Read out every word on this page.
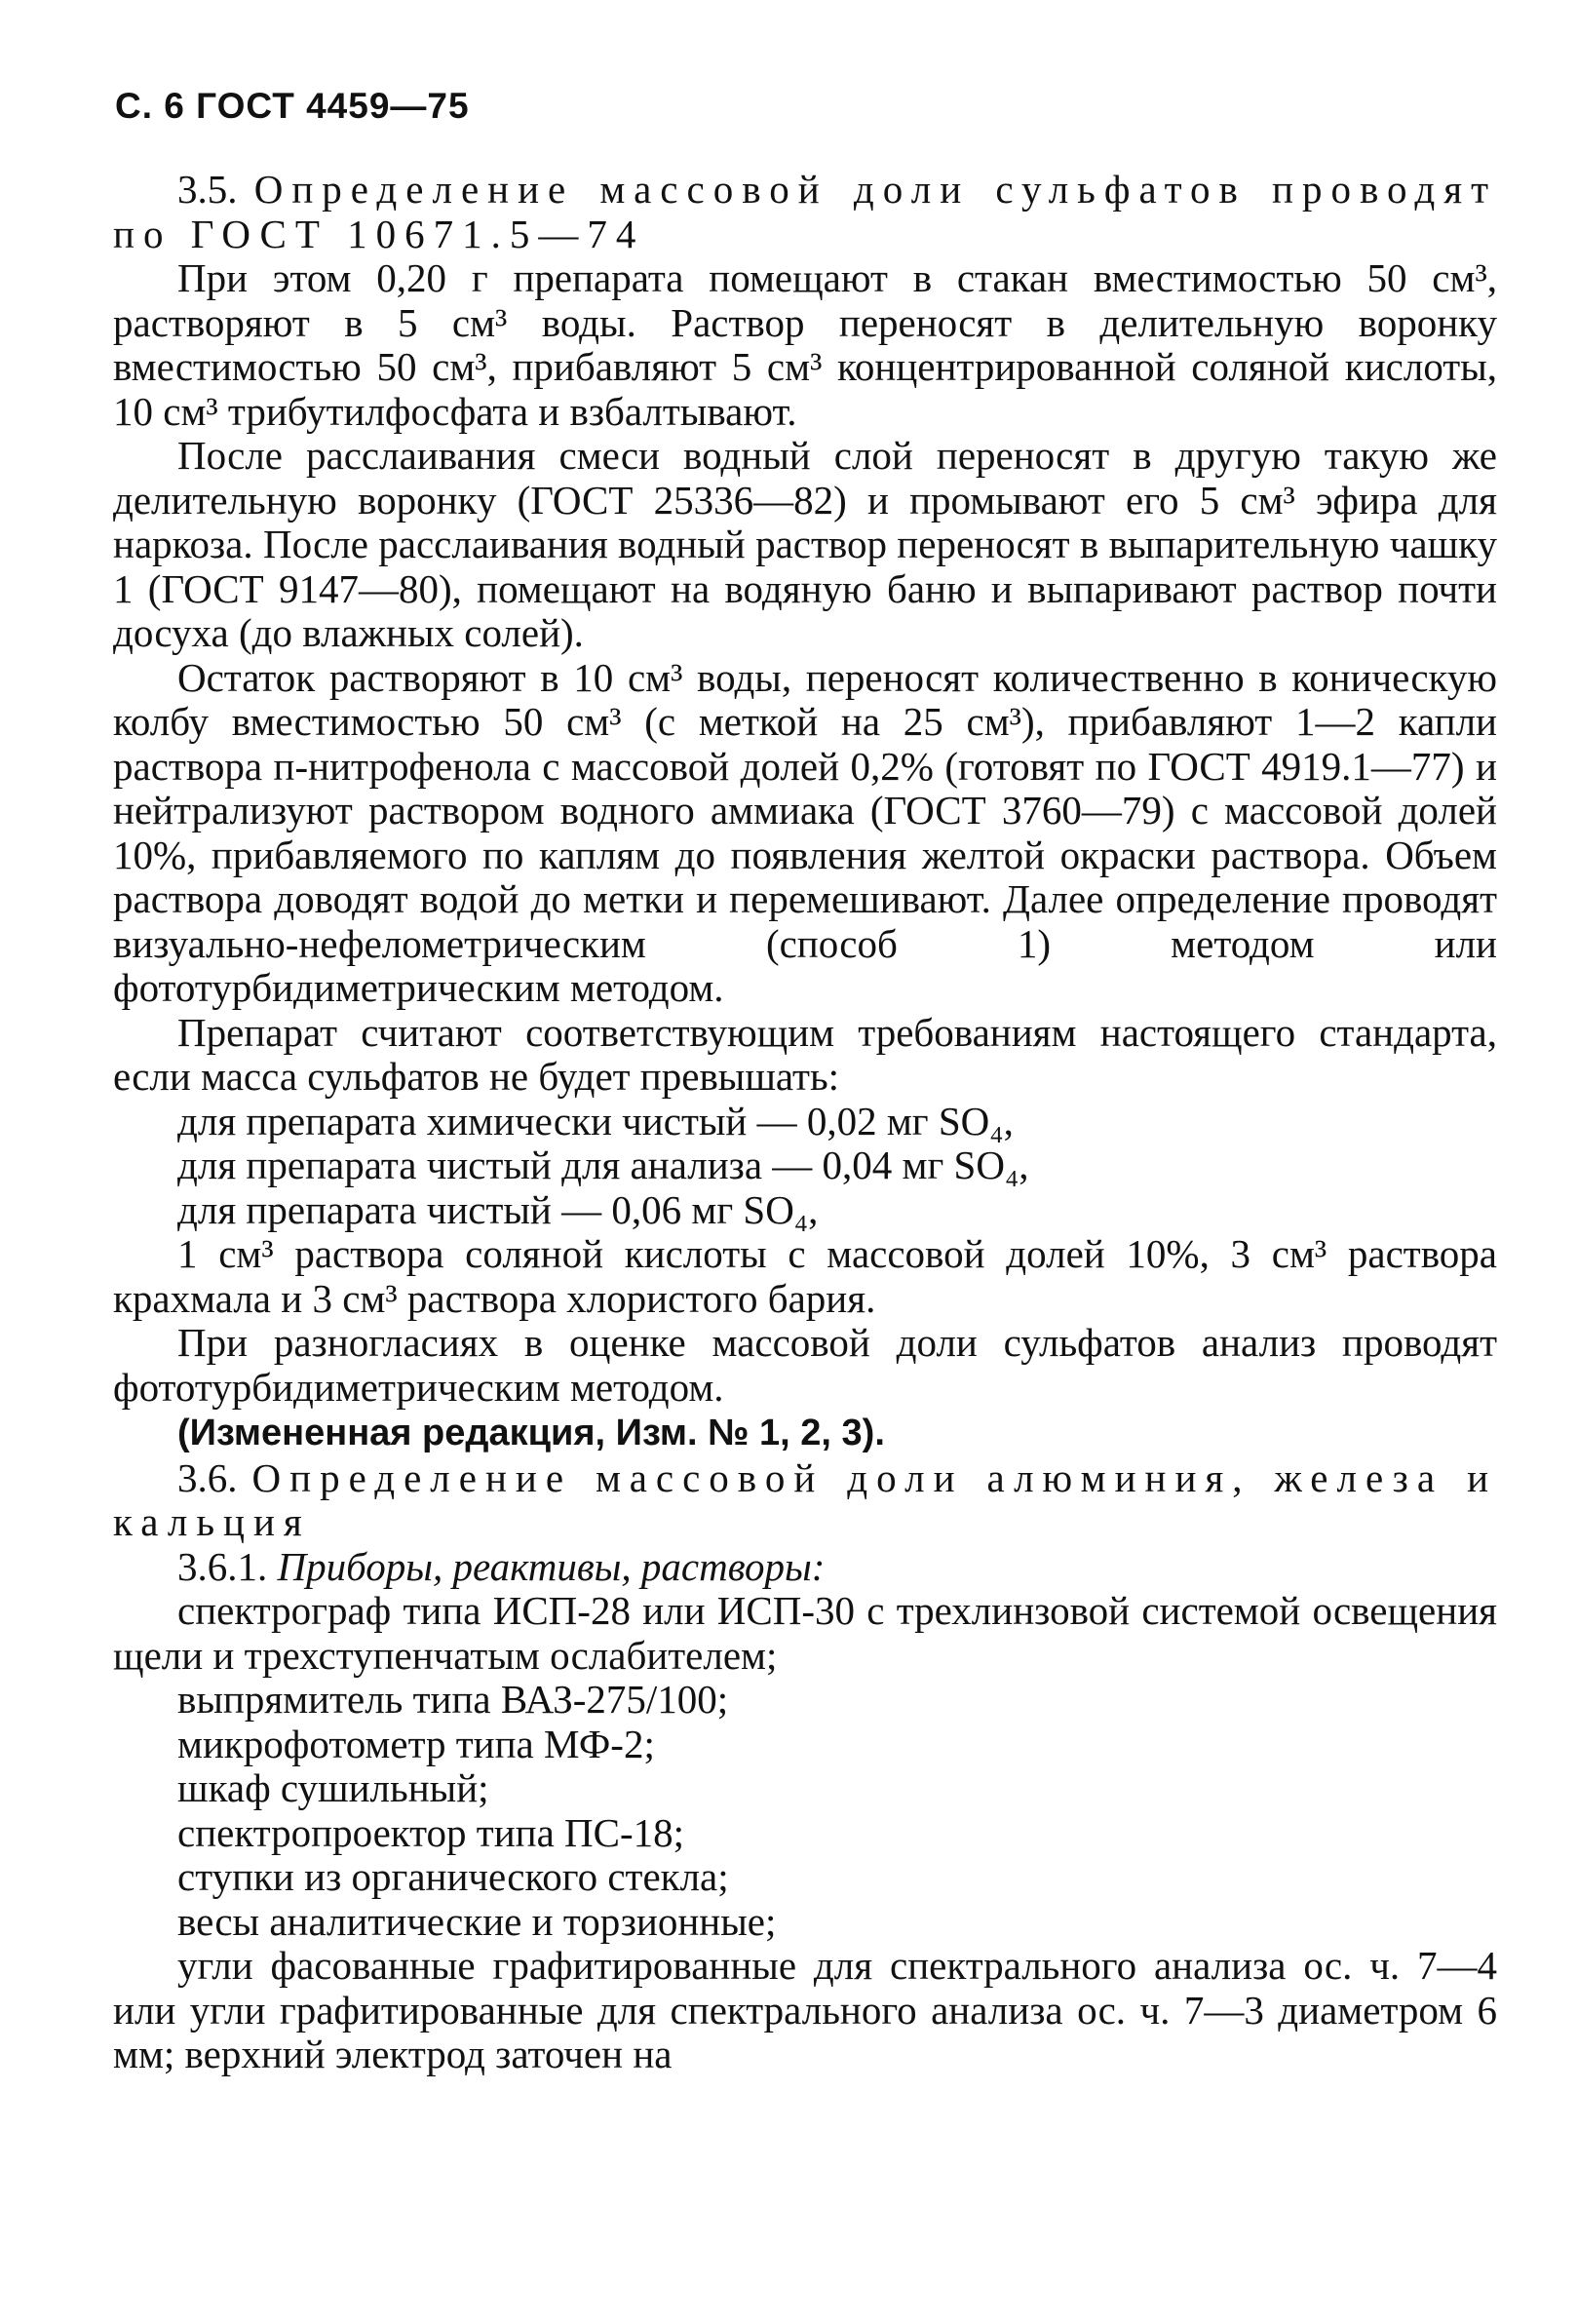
С. 6 ГОСТ 4459—75

3.5. Определение массовой доли сульфатов проводят по ГОСТ 10671.5—74

При этом 0,20 г препарата помещают в стакан вместимостью 50 см³, растворяют в 5 см³ воды. Раствор переносят в делительную воронку вместимостью 50 см³, прибавляют 5 см³ концентрированной соляной кислоты, 10 см³ трибутилфосфата и взбалтывают.

После расслаивания смеси водный слой переносят в другую такую же делительную воронку (ГОСТ 25336—82) и промывают его 5 см³ эфира для наркоза. После расслаивания водный раствор переносят в выпарительную чашку 1 (ГОСТ 9147—80), помещают на водяную баню и выпаривают раствор почти досуха (до влажных солей).

Остаток растворяют в 10 см³ воды, переносят количественно в коническую колбу вместимостью 50 см³ (с меткой на 25 см³), прибавляют 1—2 капли раствора п-нитрофенола с массовой долей 0,2% (готовят по ГОСТ 4919.1—77) и нейтрализуют раствором водного аммиака (ГОСТ 3760—79) с массовой долей 10%, прибавляемого по каплям до появления желтой окраски раствора. Объем раствора доводят водой до метки и перемешивают. Далее определение проводят визуально-нефелометрическим (способ 1) методом или фототурбидиметрическим методом.

Препарат считают соответствующим требованиям настоящего стандарта, если масса сульфатов не будет превышать:

для препарата химически чистый — 0,02 мг SO₄,
для препарата чистый для анализа — 0,04 мг SO₄,
для препарата чистый — 0,06 мг SO₄,

1 см³ раствора соляной кислоты с массовой долей 10%, 3 см³ раствора крахмала и 3 см³ раствора хлористого бария.

При разногласиях в оценке массовой доли сульфатов анализ проводят фототурбидиметрическим методом.

(Измененная редакция, Изм. № 1, 2, 3).

3.6. Определение массовой доли алюминия, железа и кальция

3.6.1. Приборы, реактивы, растворы:

спектрограф типа ИСП-28 или ИСП-30 с трехлинзовой системой освещения щели и трехступенчатым ослабителем;

выпрямитель типа ВАЗ-275/100;

микрофотометр типа МФ-2;

шкаф сушильный;

спектропроектор типа ПС-18;

ступки из органического стекла;

весы аналитические и торзионные;

угли фасованные графитированные для спектрального анализа ос. ч. 7—4 или угли графитированные для спектрального анализа ос. ч. 7—3 диаметром 6 мм; верхний электрод заточен на
